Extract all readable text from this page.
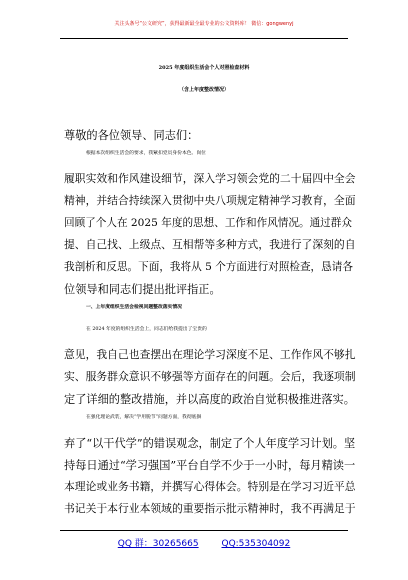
关注头条号“公文研究”，获得最新最全最专业的公文资料库！ 微信：gongwenyj
2025 年度组织生活会个人对照检查材料
（含上年度整改情况）
尊敬的各位领导、同志们：
根据本次组织生活会的要求，我紧扣党员身份本色、岗位
履职实效和作风建设细节，深入学习领会党的二十届四中全会
精神，并结合持续深入贯彻中央八项规定精神学习教育，全面
回顾了个人在 2025 年度的思想、工作和作风情况。通过群众
提、自己找、上级点、互相帮等多种方式，我进行了深刻的自
我剖析和反思。下面，我将从 5 个方面进行对照检查，恳请各
位领导和同志们提出批评指正。
一、上年度组织生活会检视问题整改落实情况
在 2024 年度的组织生活会上，同志们给我提出了宝贵的
意见，我自己也查摆出在理论学习深度不足、工作作风不够扎
实、服务群众意识不够强等方面存在的问题。会后，我逐项制
定了详细的整改措施，并以高度的政治自觉积极推进落实。
在强化理论武装，解决“学用脱节”问题方面，我彻底摒
弃了“以干代学”的错误观念，制定了个人年度学习计划。坚
持每日通过“学习强国”平台自学不少于一小时，每月精读一
本理论或业务书籍，并撰写心得体会。特别是在学习习近平总
书记关于本行业本领域的重要指示批示精神时，我不再满足于
QQ 群：30265665	QQ:535304092
